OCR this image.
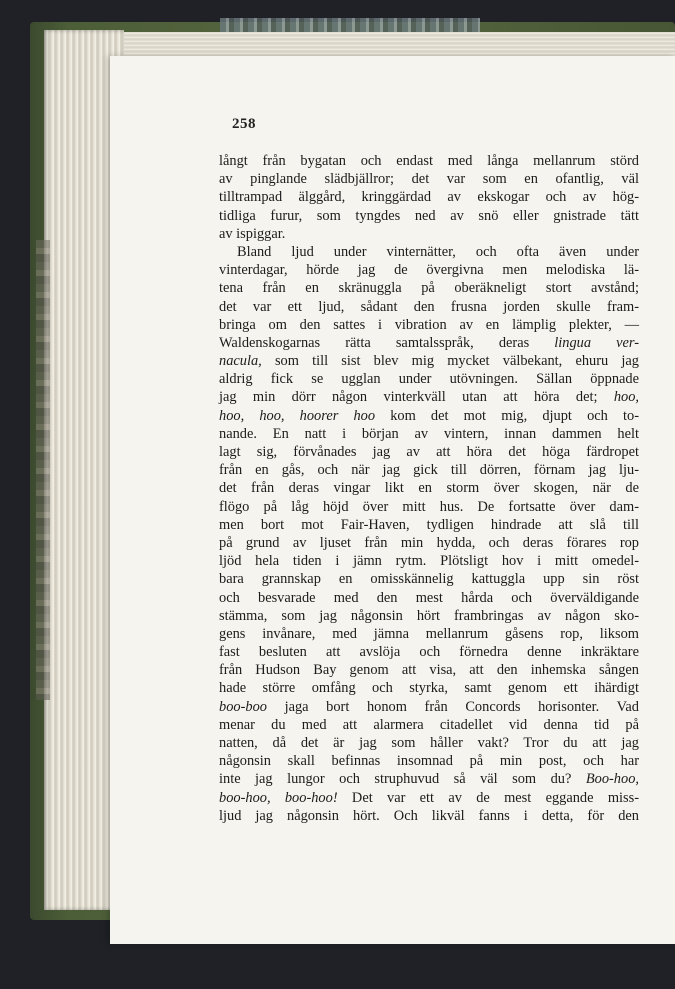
258
långt från bygatan och endast med långa mellanrum störd
av pinglande slädbjällror; det var som en ofantlig, väl
tilltrampad älggård, kringgärdad av ekskogar och av hög-
tidliga furur, som tyngdes ned av snö eller gnistrade tätt
av ispiggar.
Bland ljud under vinternätter, och ofta även under
vinterdagar, hörde jag de övergivna men melodiska lä-
tena från en skränuggla på oberäkneligt stort avstånd;
det var ett ljud, sådant den frusna jorden skulle fram-
bringa om den sattes i vibration av en lämplig plekter, —
Waldenskogarnas rätta samtalsspråk, deras lingua ver-
nacula, som till sist blev mig mycket välbekant, ehuru jag
aldrig fick se ugglan under utövningen. Sällan öppnade
jag min dörr någon vinterkväll utan att höra det; hoo,
hoo, hoo, hoorer hoo kom det mot mig, djupt och to-
nande. En natt i början av vintern, innan dammen helt
lagt sig, förvånades jag av att höra det höga färdropet
från en gås, och när jag gick till dörren, förnam jag lju-
det från deras vingar likt en storm över skogen, när de
flögo på låg höjd över mitt hus. De fortsatte över dam-
men bort mot Fair-Haven, tydligen hindrade att slå till
på grund av ljuset från min hydda, och deras förares rop
ljöd hela tiden i jämn rytm. Plötsligt hov i mitt omedel-
bara grannskap en omisskännelig kattuggla upp sin röst
och besvarade med den mest hårda och överväldigande
stämma, som jag någonsin hört frambringas av någon sko-
gens invånare, med jämna mellanrum gåsens rop, liksom
fast besluten att avslöja och förnedra denne inkräktare
från Hudson Bay genom att visa, att den inhemska sången
hade större omfång och styrka, samt genom ett ihärdigt
boo-boo jaga bort honom från Concords horisonter. Vad
menar du med att alarmera citadellet vid denna tid på
natten, då det är jag som håller vakt? Tror du att jag
någonsin skall befinnas insomnad på min post, och har
inte jag lungor och struphuvud så väl som du? Boo-hoo,
boo-hoo, boo-hoo! Det var ett av de mest eggande miss-
ljud jag någonsin hört. Och likväl fanns i detta, för den
